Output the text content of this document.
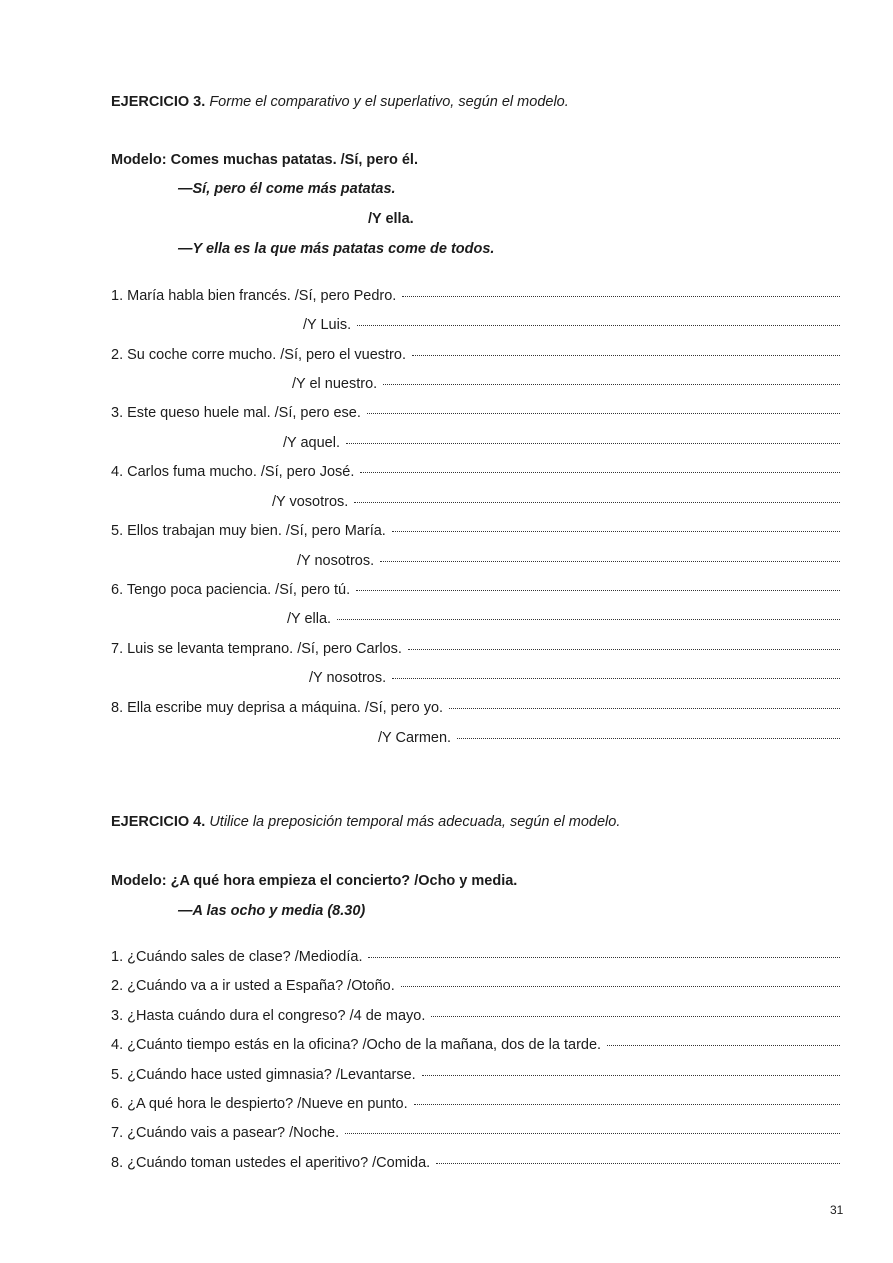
EJERCICIO 3. Forme el comparativo y el superlativo, según el modelo.
Modelo: Comes muchas patatas. /Sí, pero él.
—Sí, pero él come más patatas.
/Y ella.
—Y ella es la que más patatas come de todos.
1. María habla bien francés. /Sí, pero Pedro.
/Y Luis.
2. Su coche corre mucho. /Sí, pero el vuestro.
/Y el nuestro.
3. Este queso huele mal. /Sí, pero ese.
/Y aquel.
4. Carlos fuma mucho. /Sí, pero José.
/Y vosotros.
5. Ellos trabajan muy bien. /Sí, pero María.
/Y nosotros.
6. Tengo poca paciencia. /Sí, pero tú.
/Y ella.
7. Luis se levanta temprano. /Sí, pero Carlos.
/Y nosotros.
8. Ella escribe muy deprisa a máquina. /Sí, pero yo.
/Y Carmen.
EJERCICIO 4. Utilice la preposición temporal más adecuada, según el modelo.
Modelo: ¿A qué hora empieza el concierto? /Ocho y media.
—A las ocho y media (8.30)
1. ¿Cuándo sales de clase? /Mediodía.
2. ¿Cuándo va a ir usted a España? /Otoño.
3. ¿Hasta cuándo dura el congreso? /4 de mayo.
4. ¿Cuánto tiempo estás en la oficina? /Ocho de la mañana, dos de la tarde.
5. ¿Cuándo hace usted gimnasia? /Levantarse.
6. ¿A qué hora le despierto? /Nueve en punto.
7. ¿Cuándo vais a pasear? /Noche.
8. ¿Cuándo toman ustedes el aperitivo? /Comida.
31
